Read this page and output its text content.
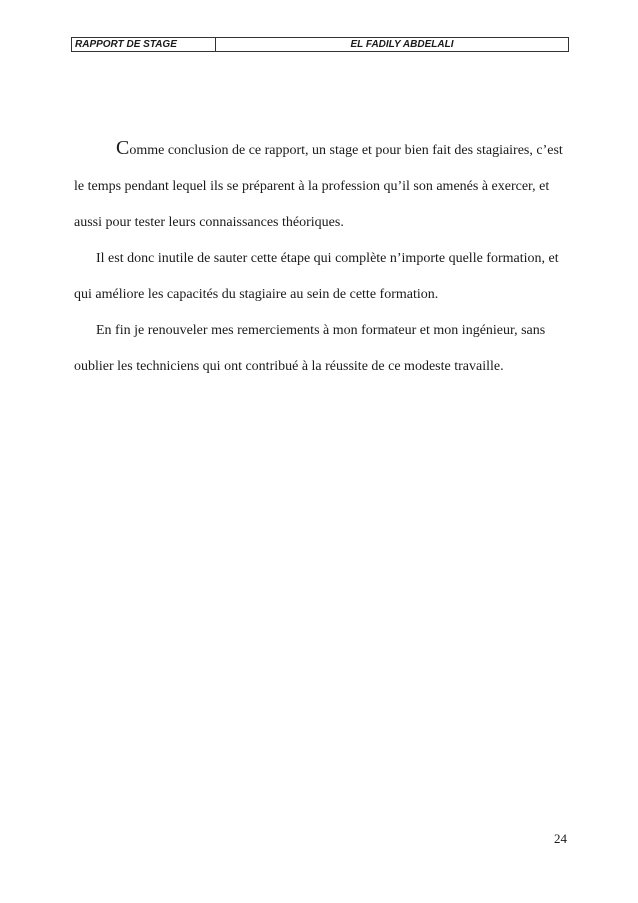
RAPPORT DE STAGE	EL FADILY ABDELALI

Comme conclusion de ce rapport, un stage et pour bien fait des stagiaires, c’est le temps pendant lequel ils se préparent à la profession qu’il son amenés à exercer, et aussi pour tester leurs connaissances théoriques.

Il est donc inutile de sauter cette étape qui complète n’importe quelle formation, et qui améliore les capacités du stagiaire au sein de cette formation.

En fin je renouveler mes remerciements à mon formateur et mon ingénieur, sans oublier les techniciens qui ont contribué à la réussite de ce modeste travaille.

24
